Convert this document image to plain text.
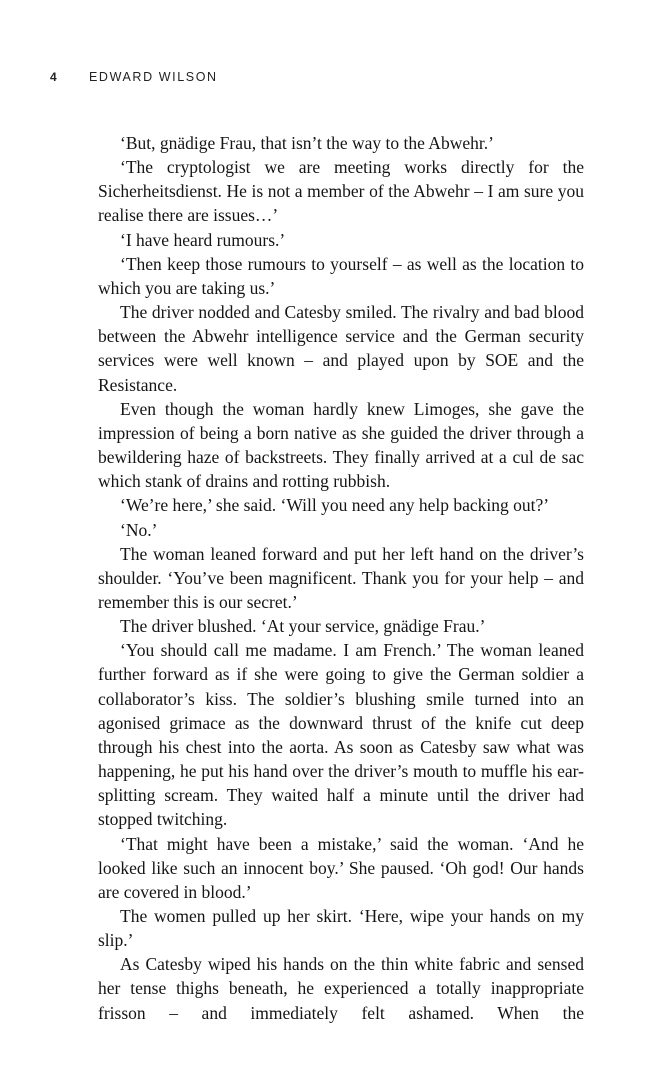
4 EDWARD WILSON

‘But, gnädige Frau, that isn’t the way to the Abwehr.’

‘The cryptologist we are meeting works directly for the Sicherheitsdienst. He is not a member of the Abwehr – I am sure you realise there are issues…’

‘I have heard rumours.’

‘Then keep those rumours to yourself – as well as the location to which you are taking us.’

The driver nodded and Catesby smiled. The rivalry and bad blood between the Abwehr intelligence service and the German security services were well known – and played upon by SOE and the Resistance.

Even though the woman hardly knew Limoges, she gave the impression of being a born native as she guided the driver through a bewildering haze of backstreets. They finally arrived at a cul de sac which stank of drains and rotting rubbish.

‘We’re here,’ she said. ‘Will you need any help backing out?’

‘No.’

The woman leaned forward and put her left hand on the driver’s shoulder. ‘You’ve been magnificent. Thank you for your help – and remember this is our secret.’

The driver blushed. ‘At your service, gnädige Frau.’

‘You should call me madame. I am French.’ The woman leaned further forward as if she were going to give the German soldier a collaborator’s kiss. The soldier’s blushing smile turned into an agonised grimace as the downward thrust of the knife cut deep through his chest into the aorta. As soon as Catesby saw what was happening, he put his hand over the driver’s mouth to muffle his ear-splitting scream. They waited half a minute until the driver had stopped twitching.

‘That might have been a mistake,’ said the woman. ‘And he looked like such an innocent boy.’ She paused. ‘Oh god! Our hands are covered in blood.’

The women pulled up her skirt. ‘Here, wipe your hands on my slip.’

As Catesby wiped his hands on the thin white fabric and sensed her tense thighs beneath, he experienced a totally inappropriate frisson – and immediately felt ashamed. When the
